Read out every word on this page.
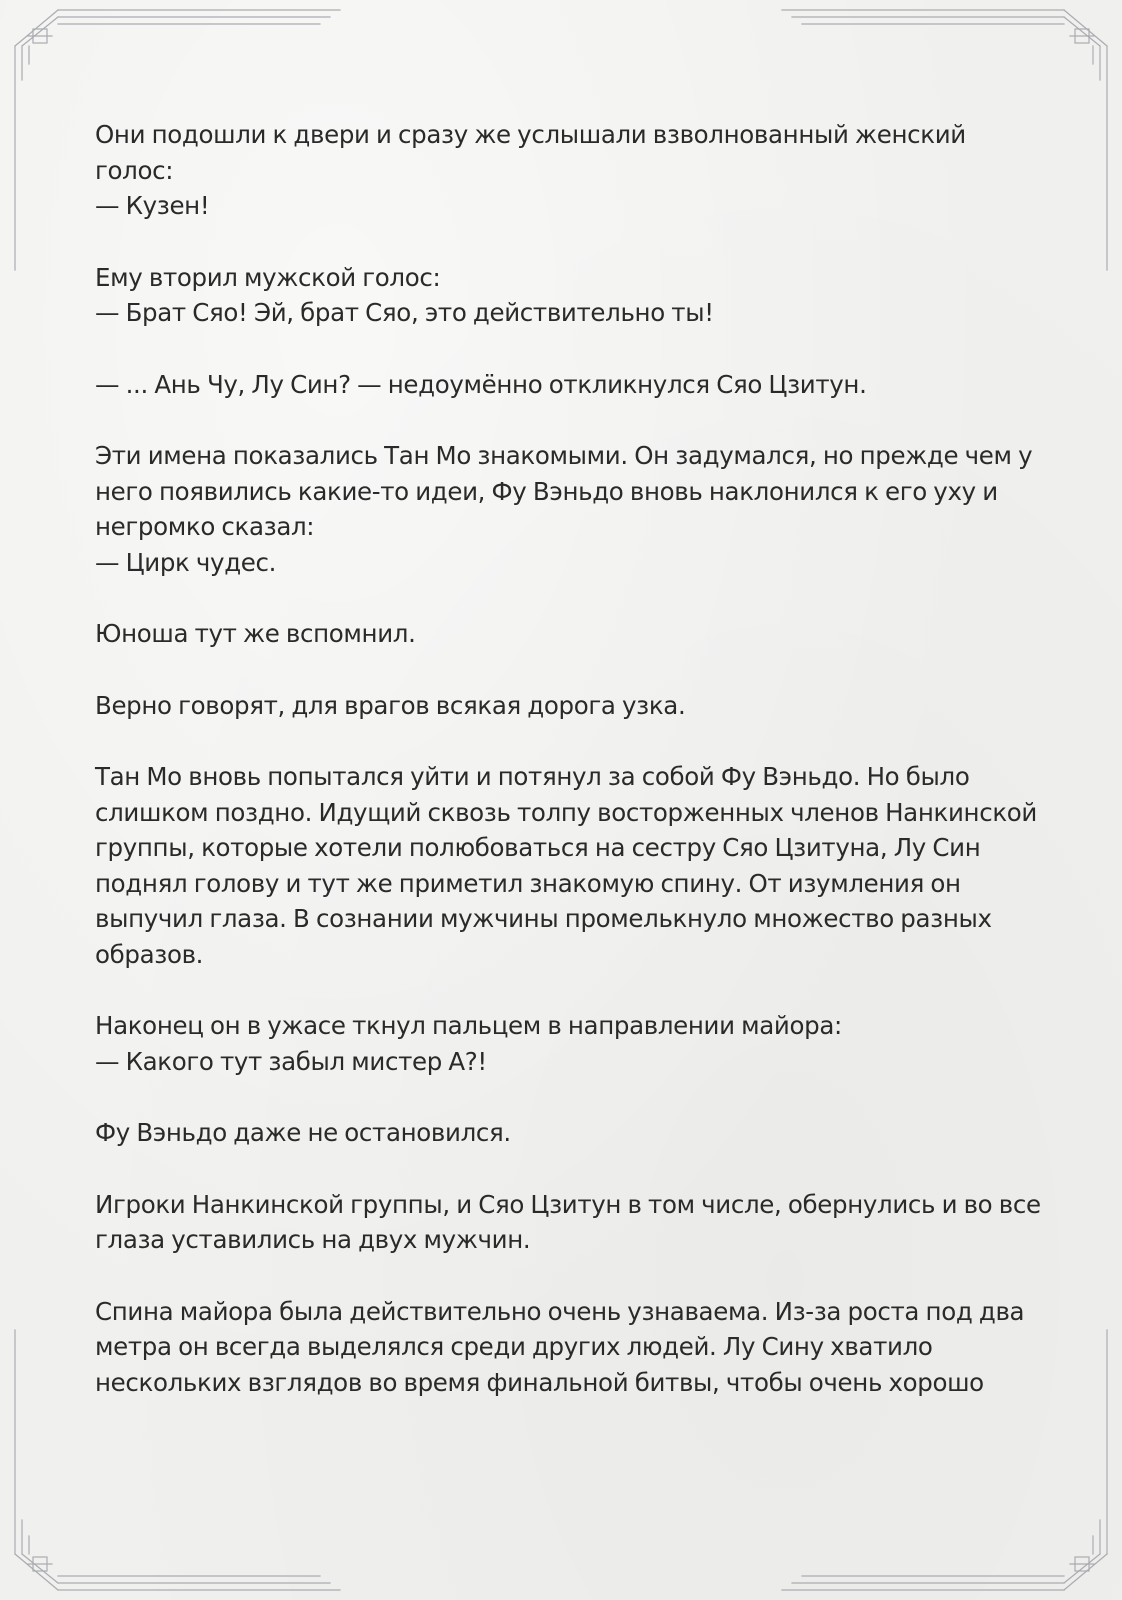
Они подошли к двери и сразу же услышали взволнованный женский
голос:
— Кузен!
Ему вторил мужской голос:
— Брат Сяо! Эй, брат Сяо, это действительно ты!
— ... Ань Чу, Лу Син? — недоумённо откликнулся Сяо Цзитун.
Эти имена показались Тан Мо знакомыми. Он задумался, но прежде чем у
него появились какие-то идеи, Фу Вэньдо вновь наклонился к его уху и
негромко сказал:
— Цирк чудес.
Юноша тут же вспомнил.
Верно говорят, для врагов всякая дорога узка.
Тан Мо вновь попытался уйти и потянул за собой Фу Вэньдо. Но было
слишком поздно. Идущий сквозь толпу восторженных членов Нанкинской
группы, которые хотели полюбоваться на сестру Сяо Цзитуна, Лу Син
поднял голову и тут же приметил знакомую спину. От изумления он
выпучил глаза. В сознании мужчины промелькнуло множество разных
образов.
Наконец он в ужасе ткнул пальцем в направлении майора:
— Какого тут забыл мистер А?!
Фу Вэньдо даже не остановился.
Игроки Нанкинской группы, и Сяо Цзитун в том числе, обернулись и во все
глаза уставились на двух мужчин.
Спина майора была действительно очень узнаваема. Из-за роста под два
метра он всегда выделялся среди других людей. Лу Сину хватило
нескольких взглядов во время финальной битвы, чтобы очень хорошо
